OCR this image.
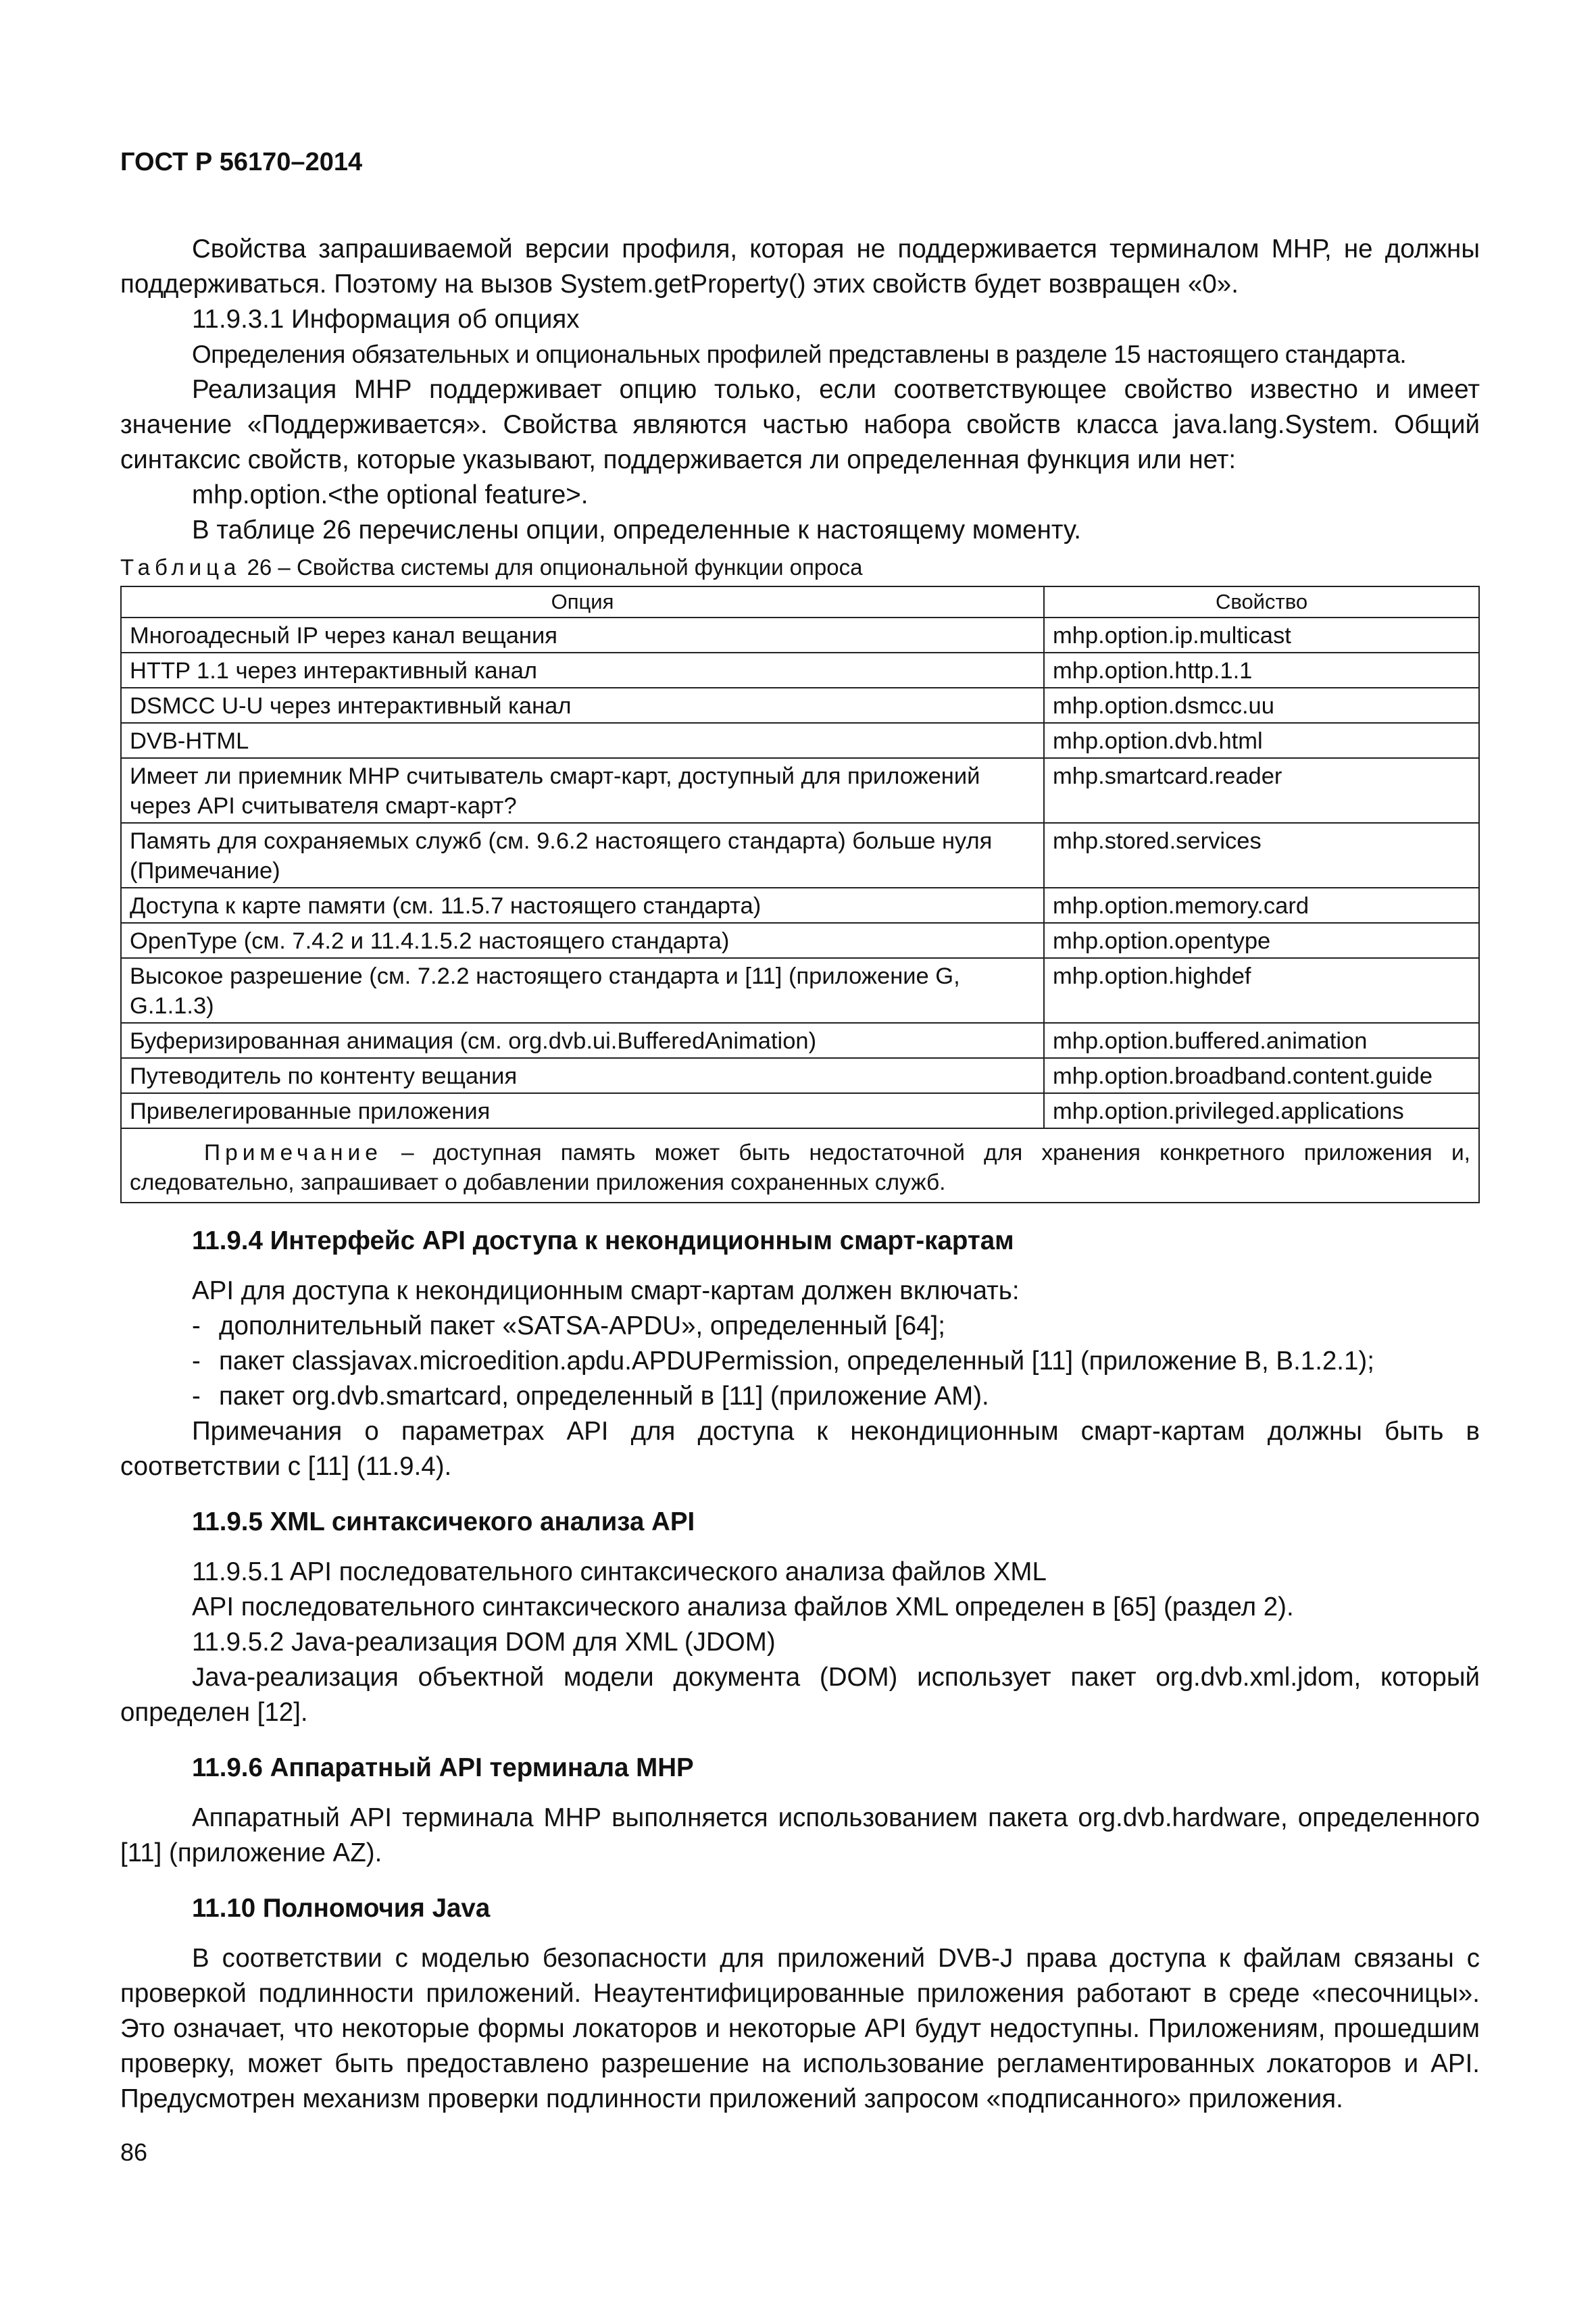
ГОСТ Р 56170–2014

Свойства запрашиваемой версии профиля, которая не поддерживается терминалом МНР, не должны поддерживаться. Поэтому на вызов System.getProperty() этих свойств будет возвращен «0».

11.9.3.1 Информация об опциях

Определения обязательных и опциональных профилей представлены в разделе 15 настоящего стандарта.

Реализация МНР поддерживает опцию только, если соответствующее свойство известно и имеет значение «Поддерживается». Свойства являются частью набора свойств класса java.lang.System. Общий синтаксис свойств, которые указывают, поддерживается ли определенная функция или нет:

mhp.option.<the optional feature>.

В таблице 26 перечислены опции, определенные к настоящему моменту.

Таблица 26 – Свойства системы для опциональной функции опроса
Опция	Свойство
Многоадесный IP через канал вещания	mhp.option.ip.multicast
HTTP 1.1 через интерактивный канал	mhp.option.http.1.1
DSMCC U-U через интерактивный канал	mhp.option.dsmcc.uu
DVB-HTML	mhp.option.dvb.html
Имеет ли приемник МНР считыватель смарт-карт, доступный для приложений через API считывателя смарт-карт?	mhp.smartcard.reader
Память для сохраняемых служб (см. 9.6.2 настоящего стандарта) больше нуля (Примечание)	mhp.stored.services
Доступа к карте памяти (см. 11.5.7 настоящего стандарта)	mhp.option.memory.card
OpenType (см. 7.4.2 и 11.4.1.5.2 настоящего стандарта)	mhp.option.opentype
Высокое разрешение (см. 7.2.2 настоящего стандарта и [11] (приложение G, G.1.1.3)	mhp.option.highdef
Буферизированная анимация (см. org.dvb.ui.BufferedAnimation)	mhp.option.buffered.animation
Путеводитель по контенту вещания	mhp.option.broadband.content.guide
Привелегированные приложения	mhp.option.privileged.applications
Примечание – доступная память может быть недостаточной для хранения конкретного приложения и, следовательно, запрашивает о добавлении приложения сохраненных служб.	
11.9.4 Интерфейс API доступа к некондиционным смарт-картам

API для доступа к некондиционным смарт-картам должен включать:

- дополнительный пакет «SATSA-APDU», определенный [64];
- пакет classjavax.microedition.apdu.APDUPermission, определенный [11] (приложение B, B.1.2.1);
- пакет org.dvb.smartcard, определенный в [11] (приложение AM).

Примечания о параметрах API для доступа к некондиционным смарт-картам должны быть в соответствии с [11] (11.9.4).

11.9.5 XML синтаксичекого анализа API

11.9.5.1 API последовательного синтаксического анализа файлов XML

API последовательного синтаксического анализа файлов XML определен в [65] (раздел 2).

11.9.5.2 Java-реализация DOM для XML (JDOM)

Java-реализация объектной модели документа (DOM) использует пакет org.dvb.xml.jdom, который определен [12].

11.9.6 Аппаратный API терминала МНР

Аппаратный API терминала МНР выполняется использованием пакета org.dvb.hardware, определенного [11] (приложение AZ).

11.10 Полномочия Java

В соответствии с моделью безопасности для приложений DVB-J права доступа к файлам связаны с проверкой подлинности приложений. Неаутентифицированные приложения работают в среде «песочницы». Это означает, что некоторые формы локаторов и некоторые API будут недоступны. Приложениям, прошедшим проверку, может быть предоставлено разрешение на использование регламентированных локаторов и API. Предусмотрен механизм проверки подлинности приложений запросом «подписанного» приложения.

86
